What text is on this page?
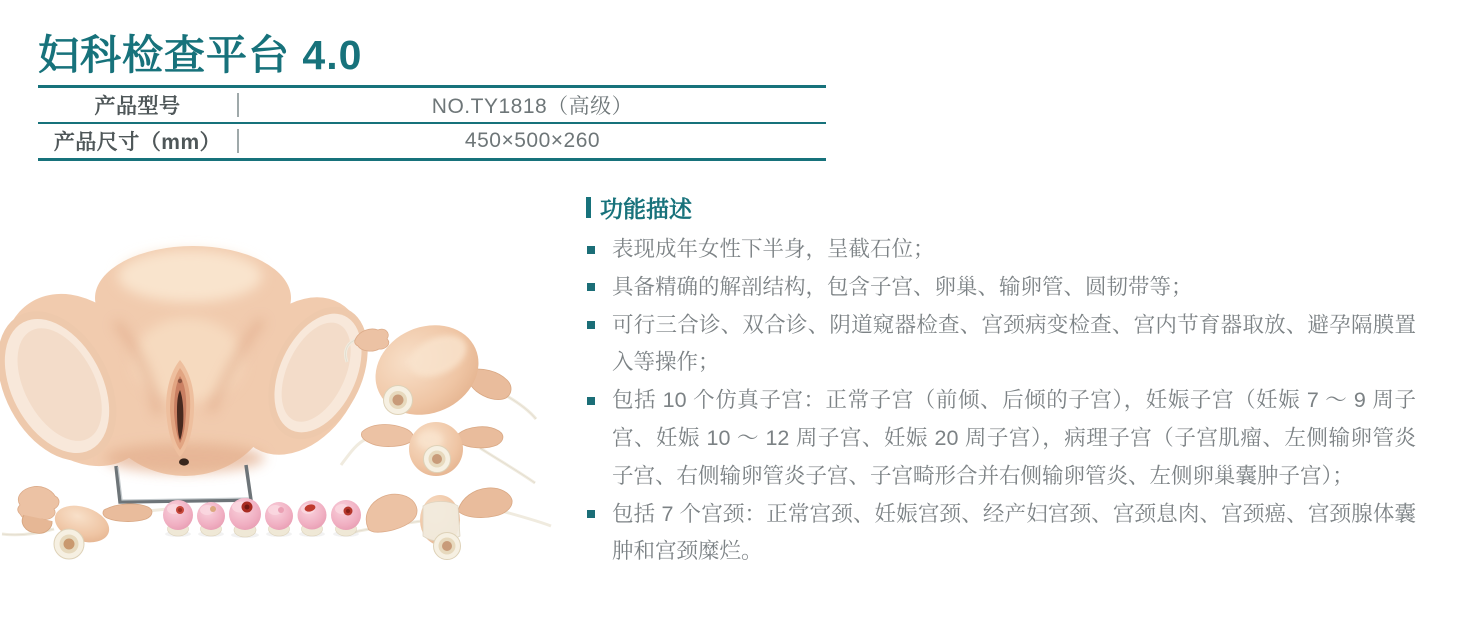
妇科检查平台 4.0
产品型号	NO.TY1818（高级）
产品尺寸（mm）	450×500×260
功能描述
表现成年女性下半身，呈截石位；
具备精确的解剖结构，包含子宫、卵巢、输卵管、圆韧带等；
可行三合诊、双合诊、阴道窥器检查、宫颈病变检查、宫内节育器取放、避孕隔膜置入等操作；
包括 10 个仿真子宫：正常子宫（前倾、后倾的子宫），妊娠子宫（妊娠 7 ～ 9 周子宫、妊娠 10 ～ 12 周子宫、妊娠 20 周子宫），病理子宫（子宫肌瘤、左侧输卵管炎子宫、右侧输卵管炎子宫、子宫畸形合并右侧输卵管炎、左侧卵巢囊肿子宫）；
包括 7 个宫颈：正常宫颈、妊娠宫颈、经产妇宫颈、宫颈息肉、宫颈癌、宫颈腺体囊肿和宫颈糜烂。
